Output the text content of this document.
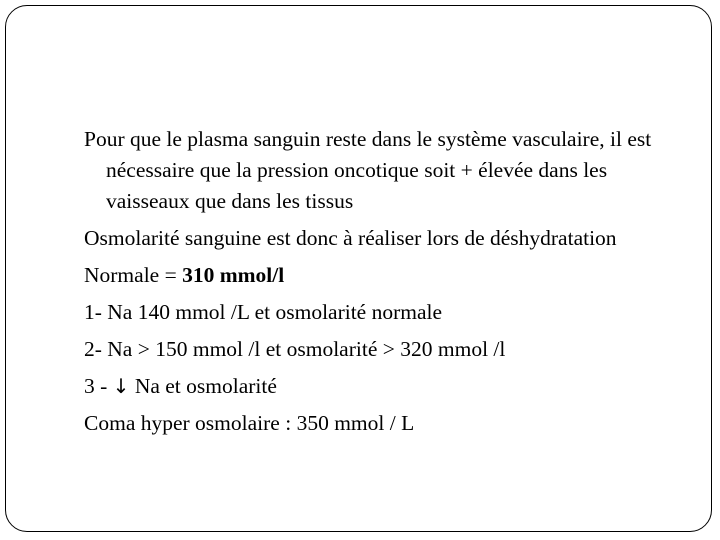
Pour que le plasma sanguin reste dans le système vasculaire, il est nécessaire que la pression oncotique soit + élevée dans les vaisseaux que dans les tissus

Osmolarité sanguine est donc à réaliser lors de déshydratation

Normale = 310 mmol/l

1- Na 140 mmol /L et osmolarité normale

2- Na > 150 mmol /l et osmolarité > 320 mmol /l

3 - ↓ Na et osmolarité

Coma hyper osmolaire : 350 mmol / L
